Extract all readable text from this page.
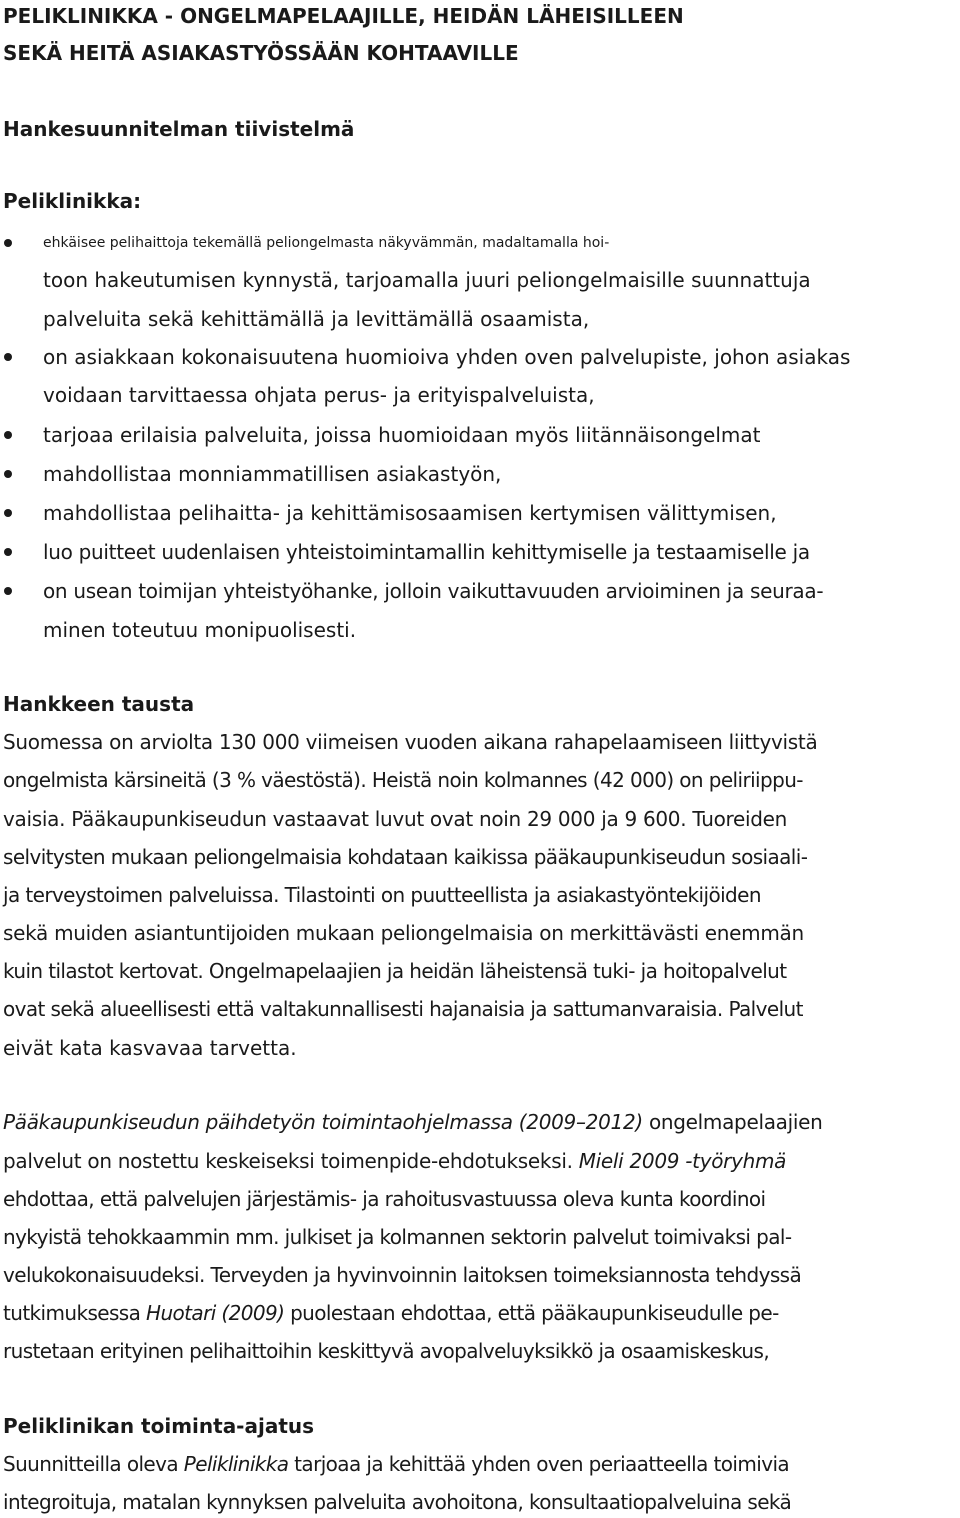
PELIKLINIKKA - ONGELMAPELAAJILLE, HEIDÄN LÄHEISILLEEN
SEKÄ HEITÄ ASIAKASTYÖSSÄÄN KOHTAAVILLE
Hankesuunnitelman tiivistelmä
Peliklinikka:
ehkäisee pelihaittoja tekemällä peliongelmasta näkyvämmän, madaltamalla hoi-
toon hakeutumisen kynnystä, tarjoamalla juuri peliongelmaisille suunnattuja
palveluita sekä kehittämällä ja levittämällä osaamista,
on asiakkaan kokonaisuutena huomioiva yhden oven palvelupiste, johon asiakas
voidaan tarvittaessa ohjata perus- ja erityispalveluista,
tarjoaa erilaisia palveluita, joissa huomioidaan myös liitännäisongelmat
mahdollistaa monniammatillisen asiakastyön,
mahdollistaa pelihaitta- ja kehittämisosaamisen kertymisen välittymisen,
luo puitteet uudenlaisen yhteistoimintamallin kehittymiselle ja testaamiselle ja
on usean toimijan yhteistyöhanke, jolloin vaikuttavuuden arvioiminen ja seuraa-
minen toteutuu monipuolisesti.
Hankkeen tausta
Suomessa on arviolta 130 000 viimeisen vuoden aikana rahapelaamiseen liittyvistä
ongelmista kärsineitä (3 % väestöstä). Heistä noin kolmannes (42 000) on peliriippu-
vaisia. Pääkaupunkiseudun vastaavat luvut ovat noin 29 000 ja 9 600. Tuoreiden
selvitysten mukaan peliongelmaisia kohdataan kaikissa pääkaupunkiseudun sosiaali-
ja terveystoimen palveluissa. Tilastointi on puutteellista ja asiakastyöntekijöiden
sekä muiden asiantuntijoiden mukaan peliongelmaisia on merkittävästi enemmän
kuin tilastot kertovat. Ongelmapelaajien ja heidän läheistensä tuki- ja hoitopalvelut
ovat sekä alueellisesti että valtakunnallisesti hajanaisia ja sattumanvaraisia. Palvelut
eivät kata kasvavaa tarvetta.
Pääkaupunkiseudun päihdetyön toimintaohjelmassa (2009–2012) ongelmapelaajien
palvelut on nostettu keskeiseksi toimenpide-ehdotukseksi. Mieli 2009 -työryhmä
ehdottaa, että palvelujen järjestämis- ja rahoitusvastuussa oleva kunta koordinoi
nykyistä tehokkaammin mm. julkiset ja kolmannen sektorin palvelut toimivaksi pal-
velukokonaisuudeksi. Terveyden ja hyvinvoinnin laitoksen toimeksiannosta tehdyssä
tutkimuksessa Huotari (2009) puolestaan ehdottaa, että pääkaupunkiseudulle pe-
rustetaan erityinen pelihaittoihin keskittyvä avopalveluyksikkö ja osaamiskeskus,
Peliklinikan toiminta-ajatus
Suunnitteilla oleva Peliklinikka tarjoaa ja kehittää yhden oven periaatteella toimivia
integroituja, matalan kynnyksen palveluita avohoitona, konsultaatiopalveluina sekä
